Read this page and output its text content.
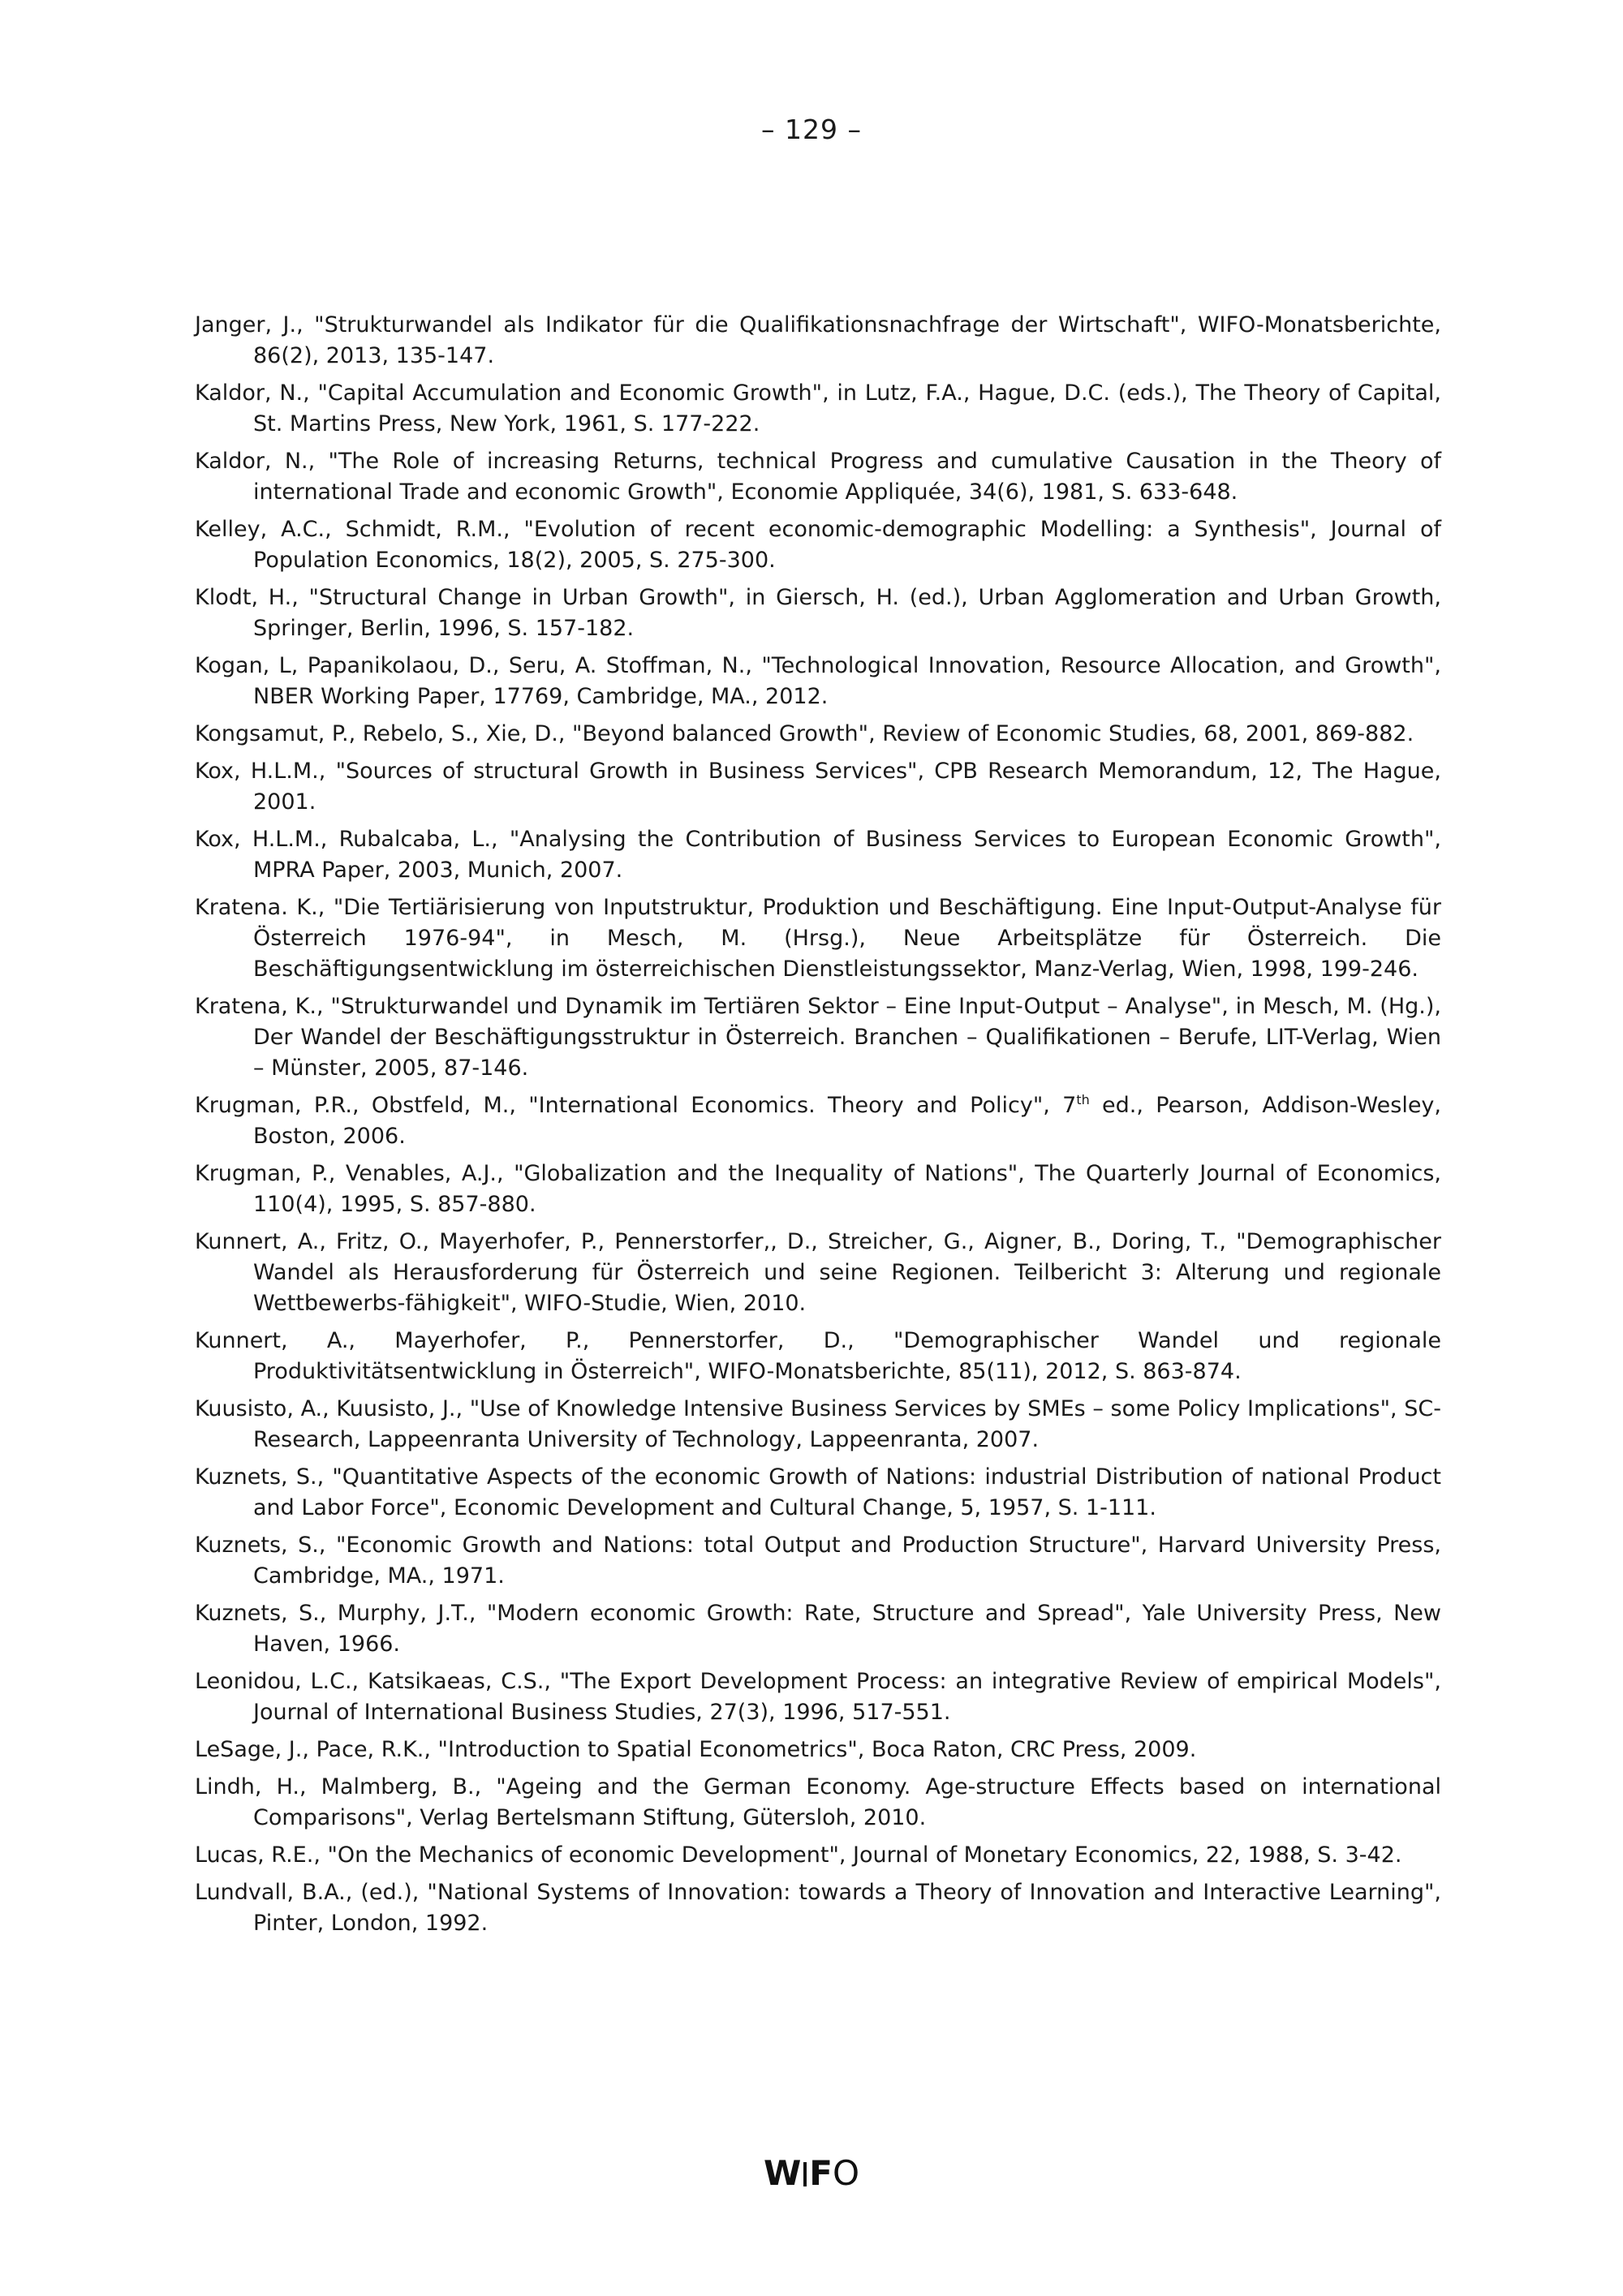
– 129 –

Janger, J., "Strukturwandel als Indikator für die Qualifikationsnachfrage der Wirtschaft", WIFO-Monatsberichte, 86(2), 2013, 135-147.

Kaldor, N., "Capital Accumulation and Economic Growth", in Lutz, F.A., Hague, D.C. (eds.), The Theory of Capital, St. Martins Press, New York, 1961, S. 177-222.

Kaldor, N., "The Role of increasing Returns, technical Progress and cumulative Causation in the Theory of international Trade and economic Growth", Economie Appliquée, 34(6), 1981, S. 633-648.

Kelley, A.C., Schmidt, R.M., "Evolution of recent economic-demographic Modelling: a Synthesis", Journal of Population Economics, 18(2), 2005, S. 275-300.

Klodt, H., "Structural Change in Urban Growth", in Giersch, H. (ed.), Urban Agglomeration and Urban Growth, Springer, Berlin, 1996, S. 157-182.

Kogan, L, Papanikolaou, D., Seru, A. Stoffman, N., "Technological Innovation, Resource Allocation, and Growth", NBER Working Paper, 17769, Cambridge, MA., 2012.

Kongsamut, P., Rebelo, S., Xie, D., "Beyond balanced Growth", Review of Economic Studies, 68, 2001, 869-882.

Kox, H.L.M., "Sources of structural Growth in Business Services", CPB Research Memorandum, 12, The Hague, 2001.

Kox, H.L.M., Rubalcaba, L., "Analysing the Contribution of Business Services to European Economic Growth", MPRA Paper, 2003, Munich, 2007.

Kratena. K., "Die Tertiärisierung von Inputstruktur, Produktion und Beschäftigung. Eine Input-Output-Analyse für Österreich 1976-94", in Mesch, M. (Hrsg.), Neue Arbeitsplätze für Österreich. Die Beschäftigungsentwicklung im österreichischen Dienstleistungssektor, Manz-Verlag, Wien, 1998, 199-246.

Kratena, K., "Strukturwandel und Dynamik im Tertiären Sektor – Eine Input-Output – Analyse", in Mesch, M. (Hg.), Der Wandel der Beschäftigungsstruktur in Österreich. Branchen – Qualifikationen – Berufe, LIT-Verlag, Wien – Münster, 2005, 87-146.

Krugman, P.R., Obstfeld, M., "International Economics. Theory and Policy", 7th ed., Pearson, Addison-Wesley, Boston, 2006.

Krugman, P., Venables, A.J., "Globalization and the Inequality of Nations", The Quarterly Journal of Economics, 110(4), 1995, S. 857-880.

Kunnert, A., Fritz, O., Mayerhofer, P., Pennerstorfer,, D., Streicher, G., Aigner, B., Doring, T., "Demographischer Wandel als Herausforderung für Österreich und seine Regionen. Teilbericht 3: Alterung und regionale Wettbewerbs-fähigkeit", WIFO-Studie, Wien, 2010.

Kunnert, A., Mayerhofer, P., Pennerstorfer, D., "Demographischer Wandel und regionale Produktivitätsentwicklung in Österreich", WIFO-Monatsberichte, 85(11), 2012, S. 863-874.

Kuusisto, A., Kuusisto, J., "Use of Knowledge Intensive Business Services by SMEs – some Policy Implications", SC-Research, Lappeenranta University of Technology, Lappeenranta, 2007.

Kuznets, S., "Quantitative Aspects of the economic Growth of Nations: industrial Distribution of national Product and Labor Force", Economic Development and Cultural Change, 5, 1957, S. 1-111.

Kuznets, S., "Economic Growth and Nations: total Output and Production Structure", Harvard University Press, Cambridge, MA., 1971.

Kuznets, S., Murphy, J.T., "Modern economic Growth: Rate, Structure and Spread", Yale University Press, New Haven, 1966.

Leonidou, L.C., Katsikaeas, C.S., "The Export Development Process: an integrative Review of empirical Models", Journal of International Business Studies, 27(3), 1996, 517-551.

LeSage, J., Pace, R.K., "Introduction to Spatial Econometrics", Boca Raton, CRC Press, 2009.

Lindh, H., Malmberg, B., "Ageing and the German Economy. Age-structure Effects based on international Comparisons", Verlag Bertelsmann Stiftung, Gütersloh, 2010.

Lucas, R.E., "On the Mechanics of economic Development", Journal of Monetary Economics, 22, 1988, S. 3-42.

Lundvall, B.A., (ed.), "National Systems of Innovation: towards a Theory of Innovation and Interactive Learning", Pinter, London, 1992.

W FO
